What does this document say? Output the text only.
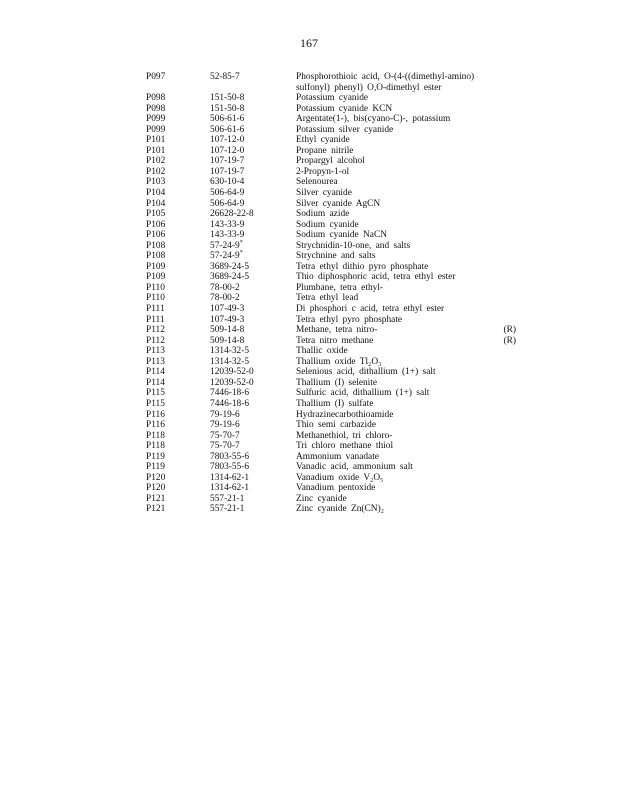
167
P097	52-85-7	Phosphorothioic acid, O-(4-((dimethyl-amino) sulfonyl) phenyl) O,O-dimethyl ester
P098	151-50-8	Potassium cyanide
P098	151-50-8	Potassium cyanide KCN
P099	506-61-6	Argentate(1-), bis(cyano-C)-, potassium
P099	506-61-6	Potassium silver cyanide
P101	107-12-0	Ethyl cyanide
P101	107-12-0	Propane nitrile
P102	107-19-7	Propargyl alcohol
P102	107-19-7	2-Propyn-1-ol
P103	630-10-4	Selenourea
P104	506-64-9	Silver cyanide
P104	506-64-9	Silver cyanide AgCN
P105	26628-22-8	Sodium azide
P106	143-33-9	Sodium cyanide
P106	143-33-9	Sodium cyanide NaCN
P108	57-24-9*	Strychnidin-10-one, and salts
P108	57-24-9*	Strychnine and salts
P109	3689-24-5	Tetra ethyl dithio pyro phosphate
P109	3689-24-5	Thio diphosphoric acid, tetra ethyl ester
P110	78-00-2	Plumbane, tetra ethyl-
P110	78-00-2	Tetra ethyl lead
P111	107-49-3	Di phosphori c acid, tetra ethyl ester
P111	107-49-3	Tetra ethyl pyro phosphate
P112	509-14-8	Methane, tetra nitro-	(R)
P112	509-14-8	Tetra nitro methane	(R)
P113	1314-32-5	Thallic oxide
P113	1314-32-5	Thallium oxide Tl₂O₃
P114	12039-52-0	Selenious acid, dithallium (1+) salt
P114	12039-52-0	Thallium (I) selenite
P115	7446-18-6	Sulfuric acid, dithallium (1+) salt
P115	7446-18-6	Thallium (I) sulfate
P116	79-19-6	Hydrazinecarbothioamide
P116	79-19-6	Thio semi carbazide
P118	75-70-7	Methanethiol, tri chloro-
P118	75-70-7	Tri chloro methane thiol
P119	7803-55-6	Ammonium vanadate
P119	7803-55-6	Vanadic acid, ammonium salt
P120	1314-62-1	Vanadium oxide V₂O₅
P120	1314-62-1	Vanadium pentoxide
P121	557-21-1	Zinc cyanide
P121	557-21-1	Zinc cyanide Zn(CN)₂
